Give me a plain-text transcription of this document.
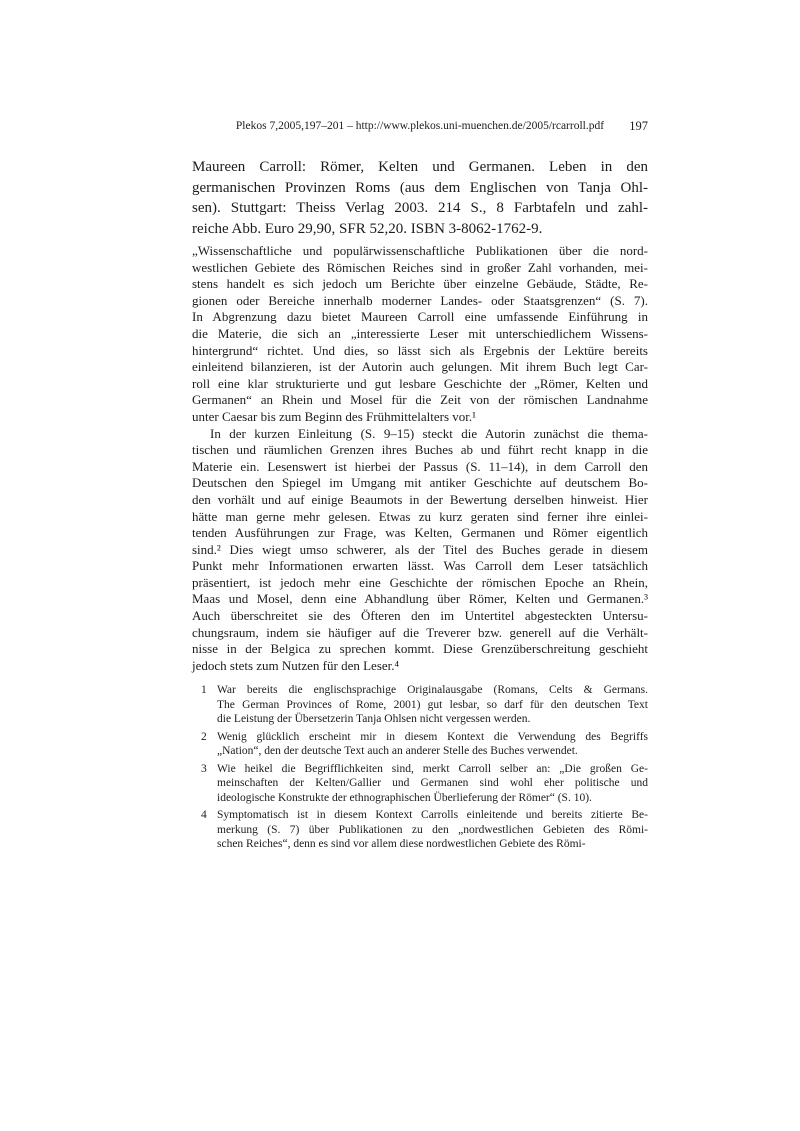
Plekos 7,2005,197–201 – http://www.plekos.uni-muenchen.de/2005/rcarroll.pdf	197
Maureen Carroll: Römer, Kelten und Germanen. Leben in den
germanischen Provinzen Roms (aus dem Englischen von Tanja Ohl-
sen). Stuttgart: Theiss Verlag 2003. 214 S., 8 Farbtafeln und zahl-
reiche Abb. Euro 29,90, SFR 52,20. ISBN 3-8062-1762-9.
„Wissenschaftliche und populärwissenschaftliche Publikationen über die nord-
westlichen Gebiete des Römischen Reiches sind in großer Zahl vorhanden, mei-
stens handelt es sich jedoch um Berichte über einzelne Gebäude, Städte, Re-
gionen oder Bereiche innerhalb moderner Landes- oder Staatsgrenzen“ (S. 7).
In Abgrenzung dazu bietet Maureen Carroll eine umfassende Einführung in
die Materie, die sich an „interessierte Leser mit unterschiedlichem Wissens-
hintergrund“ richtet. Und dies, so lässt sich als Ergebnis der Lektüre bereits
einleitend bilanzieren, ist der Autorin auch gelungen. Mit ihrem Buch legt Car-
roll eine klar strukturierte und gut lesbare Geschichte der „Römer, Kelten und
Germanen“ an Rhein und Mosel für die Zeit von der römischen Landnahme
unter Caesar bis zum Beginn des Frühmittelalters vor.¹
In der kurzen Einleitung (S. 9–15) steckt die Autorin zunächst die thema-
tischen und räumlichen Grenzen ihres Buches ab und führt recht knapp in die
Materie ein. Lesenswert ist hierbei der Passus (S. 11–14), in dem Carroll den
Deutschen den Spiegel im Umgang mit antiker Geschichte auf deutschem Bo-
den vorhält und auf einige Beaumots in der Bewertung derselben hinweist. Hier
hätte man gerne mehr gelesen. Etwas zu kurz geraten sind ferner ihre einlei-
tenden Ausführungen zur Frage, was Kelten, Germanen und Römer eigentlich
sind.² Dies wiegt umso schwerer, als der Titel des Buches gerade in diesem
Punkt mehr Informationen erwarten lässt. Was Carroll dem Leser tatsächlich
präsentiert, ist jedoch mehr eine Geschichte der römischen Epoche an Rhein,
Maas und Mosel, denn eine Abhandlung über Römer, Kelten und Germanen.³
Auch überschreitet sie des Öfteren den im Untertitel abgesteckten Untersu-
chungsraum, indem sie häufiger auf die Treverer bzw. generell auf die Verhält-
nisse in der Belgica zu sprechen kommt. Diese Grenzüberschreitung geschieht
jedoch stets zum Nutzen für den Leser.⁴
1 War bereits die englischsprachige Originalausgabe (Romans, Celts & Germans.
The German Provinces of Rome, 2001) gut lesbar, so darf für den deutschen Text
die Leistung der Übersetzerin Tanja Ohlsen nicht vergessen werden.
2 Wenig glücklich erscheint mir in diesem Kontext die Verwendung des Begriffs
„Nation“, den der deutsche Text auch an anderer Stelle des Buches verwendet.
3 Wie heikel die Begrifflichkeiten sind, merkt Carroll selber an: „Die großen Ge-
meinschaften der Kelten/Gallier und Germanen sind wohl eher politische und
ideologische Konstrukte der ethnographischen Überlieferung der Römer“ (S. 10).
4 Symptomatisch ist in diesem Kontext Carrolls einleitende und bereits zitierte Be-
merkung (S. 7) über Publikationen zu den „nordwestlichen Gebieten des Römi-
schen Reiches“, denn es sind vor allem diese nordwestlichen Gebiete des Römi-
